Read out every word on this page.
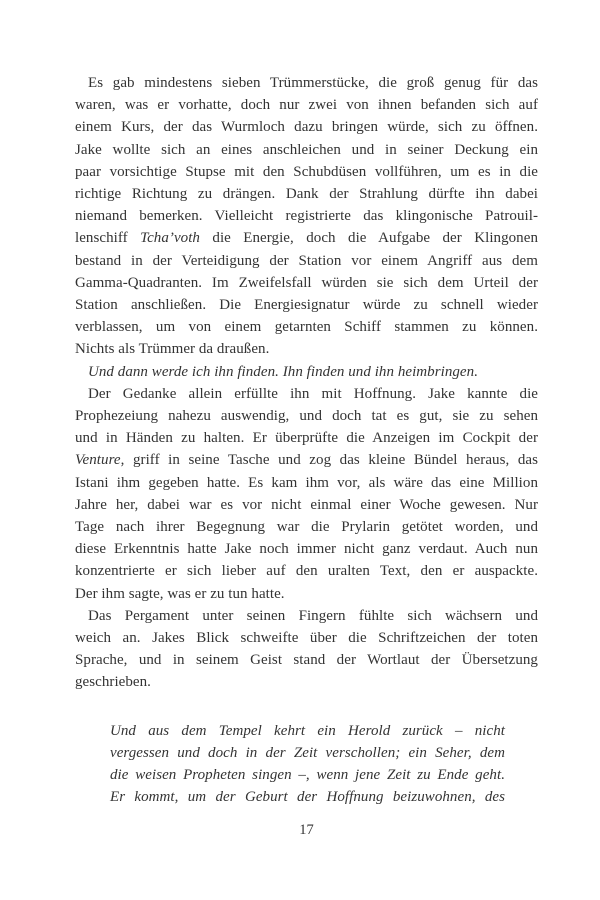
Es gab mindestens sieben Trümmerstücke, die groß genug für das
waren, was er vorhatte, doch nur zwei von ihnen befanden sich auf
einem Kurs, der das Wurmloch dazu bringen würde, sich zu öffnen.
Jake wollte sich an eines anschleichen und in seiner Deckung ein
paar vorsichtige Stupse mit den Schubdüsen vollführen, um es in die
richtige Richtung zu drängen. Dank der Strahlung dürfte ihn dabei
niemand bemerken. Vielleicht registrierte das klingonische Patrouil-
lenschiff Tcha’voth die Energie, doch die Aufgabe der Klingonen
bestand in der Verteidigung der Station vor einem Angriff aus dem
Gamma-Quadranten. Im Zweifelsfall würden sie sich dem Urteil der
Station anschließen. Die Energiesignatur würde zu schnell wieder
verblassen, um von einem getarnten Schiff stammen zu können.
Nichts als Trümmer da draußen.
Und dann werde ich ihn finden. Ihn finden und ihn heimbringen.
Der Gedanke allein erfüllte ihn mit Hoffnung. Jake kannte die
Prophezeiung nahezu auswendig, und doch tat es gut, sie zu sehen
und in Händen zu halten. Er überprüfte die Anzeigen im Cockpit der
Venture, griff in seine Tasche und zog das kleine Bündel heraus, das
Istani ihm gegeben hatte. Es kam ihm vor, als wäre das eine Million
Jahre her, dabei war es vor nicht einmal einer Woche gewesen. Nur
Tage nach ihrer Begegnung war die Prylarin getötet worden, und
diese Erkenntnis hatte Jake noch immer nicht ganz verdaut. Auch nun
konzentrierte er sich lieber auf den uralten Text, den er auspackte.
Der ihm sagte, was er zu tun hatte.
Das Pergament unter seinen Fingern fühlte sich wächsern und
weich an. Jakes Blick schweifte über die Schriftzeichen der toten
Sprache, und in seinem Geist stand der Wortlaut der Übersetzung
geschrieben.
Und aus dem Tempel kehrt ein Herold zurück – nicht
vergessen und doch in der Zeit verschollen; ein Seher, dem
die weisen Propheten singen –, wenn jene Zeit zu Ende geht.
Er kommt, um der Geburt der Hoffnung beizuwohnen, des
17
